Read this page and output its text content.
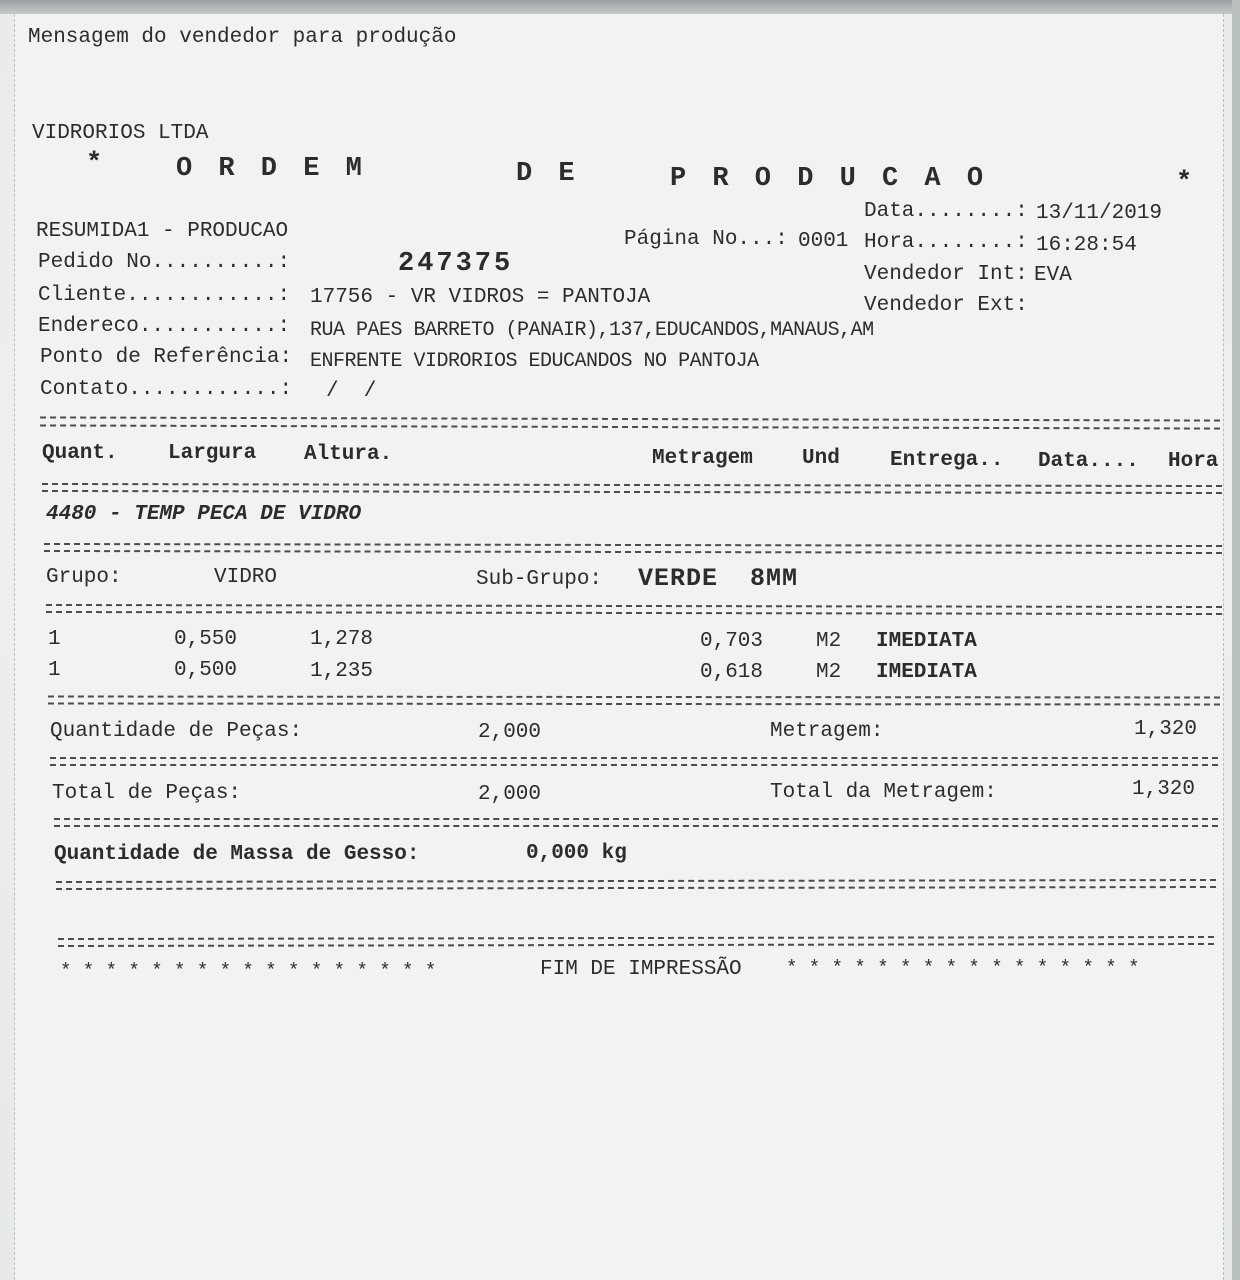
Mensagem do vendedor para produção
VIDRORIOS LTDA
*	O R D E M	D E	P R O D U C A O	*
Data........: 13/11/2019
RESUMIDA1 - PRODUCAO	Página No...: 0001 Hora........: 16:28:54
Pedido No..........:	247375	Vendedor Int: EVA
Cliente............: 17756 - VR VIDROS = PANTOJA	Vendedor Ext:
Endereco...........: RUA PAES BARRETO (PANAIR),137,EDUCANDOS,MANAUS,AM
Ponto de Referência: ENFRENTE VIDRORIOS EDUCANDOS NO PANTOJA
Contato............: /  /
Quant. Largura Altura.	Metragem Und Entrega.. Data.... Hora
4480 - TEMP PECA DE VIDRO
Grupo:	VIDRO	Sub-Grupo: VERDE  8MM
1	0,550	1,278	0,703	M2 IMEDIATA
1	0,500	1,235	0,618	M2 IMEDIATA
Quantidade de Peças:	2,000	Metragem:	1,320
Total de Peças:	2,000	Total da Metragem:	1,320
Quantidade de Massa de Gesso:	0,000 kg
* * * * * * * * * * * * * * * * *	FIM DE IMPRESSÃO * * * * * * * * * * * * * * * *
